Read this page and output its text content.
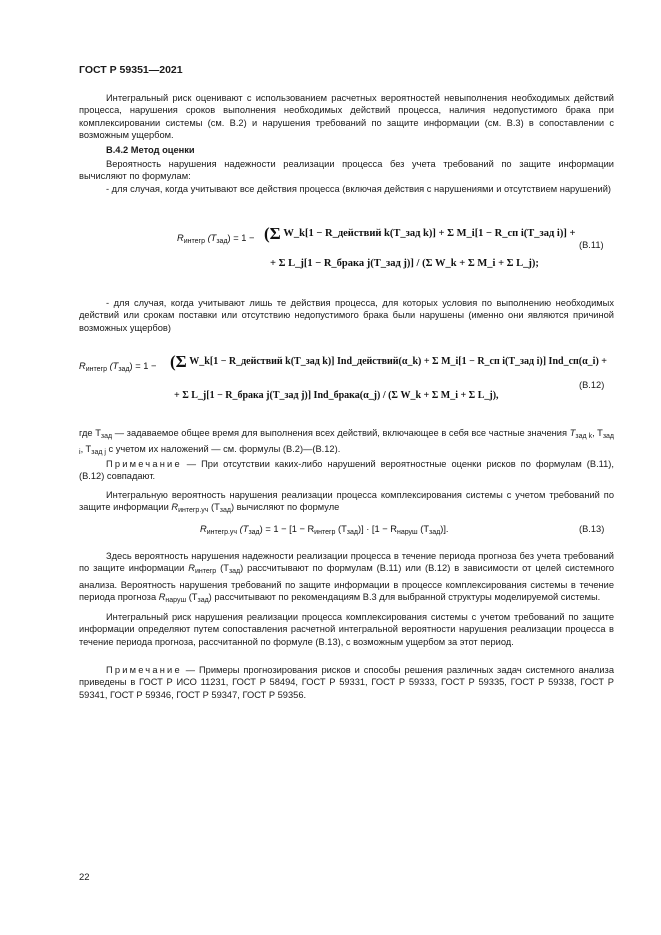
ГОСТ Р 59351—2021

Интегральный риск оценивают с использованием расчетных вероятностей невыполнения необходимых действий процесса, нарушения сроков выполнения необходимых действий процесса, наличия недопустимого брака при комплексировании системы (см. В.2) и нарушения требований по защите информации (см. В.3) в сопоставлении с возможным ущербом.

В.4.2 Метод оценки

Вероятность нарушения надежности реализации процесса без учета требований по защите информации вычисляют по формулам:

- для случая, когда учитывают все действия процесса (включая действия с нарушениями и отсутствием нарушений)

$R_{интегр}$ $(T_{зад}) = 1 - (\Sigma$ W_k[1 − R_действий k(T_зад k)] + Σ M_i[1 − R_сп i(T_зад i)] +
+ Σ L_j[1 − R_брака j(T_зад j)] / (Σ W_k + Σ M_i + Σ L_j);
(В.11)

- для случая, когда учитывают лишь те действия процесса, для которых условия по выполнению необходимых действий или срокам поставки или отсутствию недопустимого брака были нарушены (именно они являются причиной возможных ущербов)

$R_{интегр}$ $(T_{зад}) = 1 - (\Sigma$ W_k[1 − R_действий k(T_зад k)] Ind_действий(α_k) + Σ M_i[1 − R_сп i(T_зад i)] Ind_сп(α_i) +
+ Σ L_j[1 − R_брака j(T_зад j)] Ind_брака(α_j) / (Σ W_k + Σ M_i + Σ L_j),
(В.12)

где $T_{зад}$ — задаваемое общее время для выполнения всех действий, включающее в себя все частные значения $T_{зад k}$, $T_{зад i}$, $T_{зад j}$ с учетом их наложений — см. формулы (В.2)—(В.12).

Примечание — При отсутствии каких-либо нарушений вероятностные оценки рисков по формулам (В.11), (В.12) совпадают.

Интегральную вероятность нарушения реализации процесса комплексирования системы с учетом требований по защите информации $R_{интегр.уч}$ $(T_{зад})$ вычисляют по формуле

$R_{интегр.уч}$ $(T_{зад}) = 1 - [1 - R_{интегр}$ $(T_{зад})] \cdot [1 - R_{наруш}$ $(T_{зад})$].	(В.13)

Здесь вероятность нарушения надежности реализации процесса в течение периода прогноза без учета требований по защите информации $R_{интегр}$ $(T_{зад})$ рассчитывают по формулам (В.11) или (В.12) в зависимости от целей системного анализа. Вероятность нарушения требований по защите информации в процессе комплексирования системы в течение периода прогноза $R_{наруш}$ $(T_{зад})$ рассчитывают по рекомендациям В.3 для выбранной структуры моделируемой системы.

Интегральный риск нарушения реализации процесса комплексирования системы с учетом требований по защите информации определяют путем сопоставления расчетной интегральной вероятности нарушения реализации процесса в течение периода прогноза, рассчитанной по формуле (В.13), с возможным ущербом за этот период.

Примечание — Примеры прогнозирования рисков и способы решения различных задач системного анализа приведены в ГОСТ Р ИСО 11231, ГОСТ Р 58494, ГОСТ Р 59331, ГОСТ Р 59333, ГОСТ Р 59335, ГОСТ Р 59338, ГОСТ Р 59341, ГОСТ Р 59346, ГОСТ Р 59347, ГОСТ Р 59356.

22
